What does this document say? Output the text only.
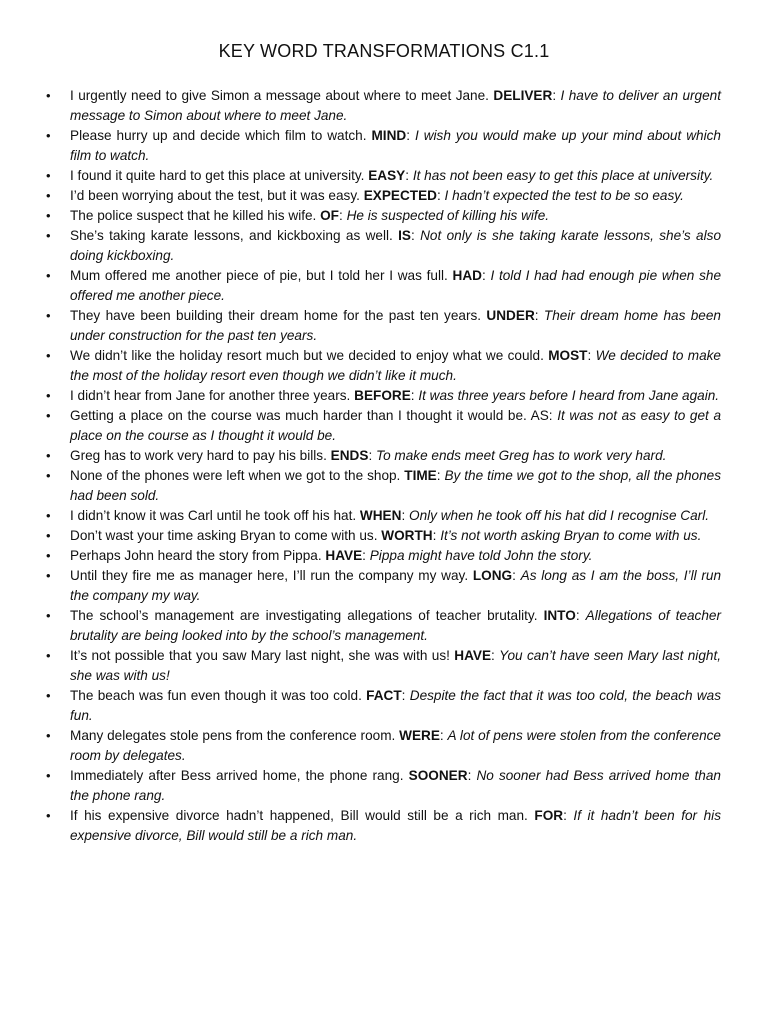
KEY WORD TRANSFORMATIONS C1.1
• I urgently need to give Simon a message about where to meet Jane. DELIVER: I have to deliver an urgent message to Simon about where to meet Jane.
• Please hurry up and decide which film to watch. MIND: I wish you would make up your mind about which film to watch.
• I found it quite hard to get this place at university. EASY: It has not been easy to get this place at university.
• I’d been worrying about the test, but it was easy. EXPECTED: I hadn’t expected the test to be so easy.
• The police suspect that he killed his wife. OF: He is suspected of killing his wife.
• She’s taking karate lessons, and kickboxing as well. IS: Not only is she taking karate lessons, she’s also doing kickboxing.
• Mum offered me another piece of pie, but I told her I was full. HAD: I told I had had enough pie when she offered me another piece.
• They have been building their dream home for the past ten years. UNDER: Their dream home has been under construction for the past ten years.
• We didn’t like the holiday resort much but we decided to enjoy what we could. MOST: We decided to make the most of the holiday resort even though we didn’t like it much.
• I didn’t hear from Jane for another three years. BEFORE: It was three years before I heard from Jane again.
• Getting a place on the course was much harder than I thought it would be. AS: It was not as easy to get a place on the course as I thought it would be.
• Greg has to work very hard to pay his bills. ENDS: To make ends meet Greg has to work very hard.
• None of the phones were left when we got to the shop. TIME: By the time we got to the shop, all the phones had been sold.
• I didn’t know it was Carl until he took off his hat. WHEN: Only when he took off his hat did I recognise Carl.
• Don’t wast your time asking Bryan to come with us. WORTH: It’s not worth asking Bryan to come with us.
• Perhaps John heard the story from Pippa. HAVE: Pippa might have told John the story.
• Until they fire me as manager here, I’ll run the company my way. LONG: As long as I am the boss, I’ll run the company my way.
• The school’s management are investigating allegations of teacher brutality. INTO: Allegations of teacher brutality are being looked into by the school’s management.
• It’s not possible that you saw Mary last night, she was with us! HAVE: You can’t have seen Mary last night, she was with us!
• The beach was fun even though it was too cold. FACT: Despite the fact that it was too cold, the beach was fun.
• Many delegates stole pens from the conference room. WERE: A lot of pens were stolen from the conference room by delegates.
• Immediately after Bess arrived home, the phone rang. SOONER: No sooner had Bess arrived home than the phone rang.
• If his expensive divorce hadn’t happened, Bill would still be a rich man. FOR: If it hadn’t been for his expensive divorce, Bill would still be a rich man.
